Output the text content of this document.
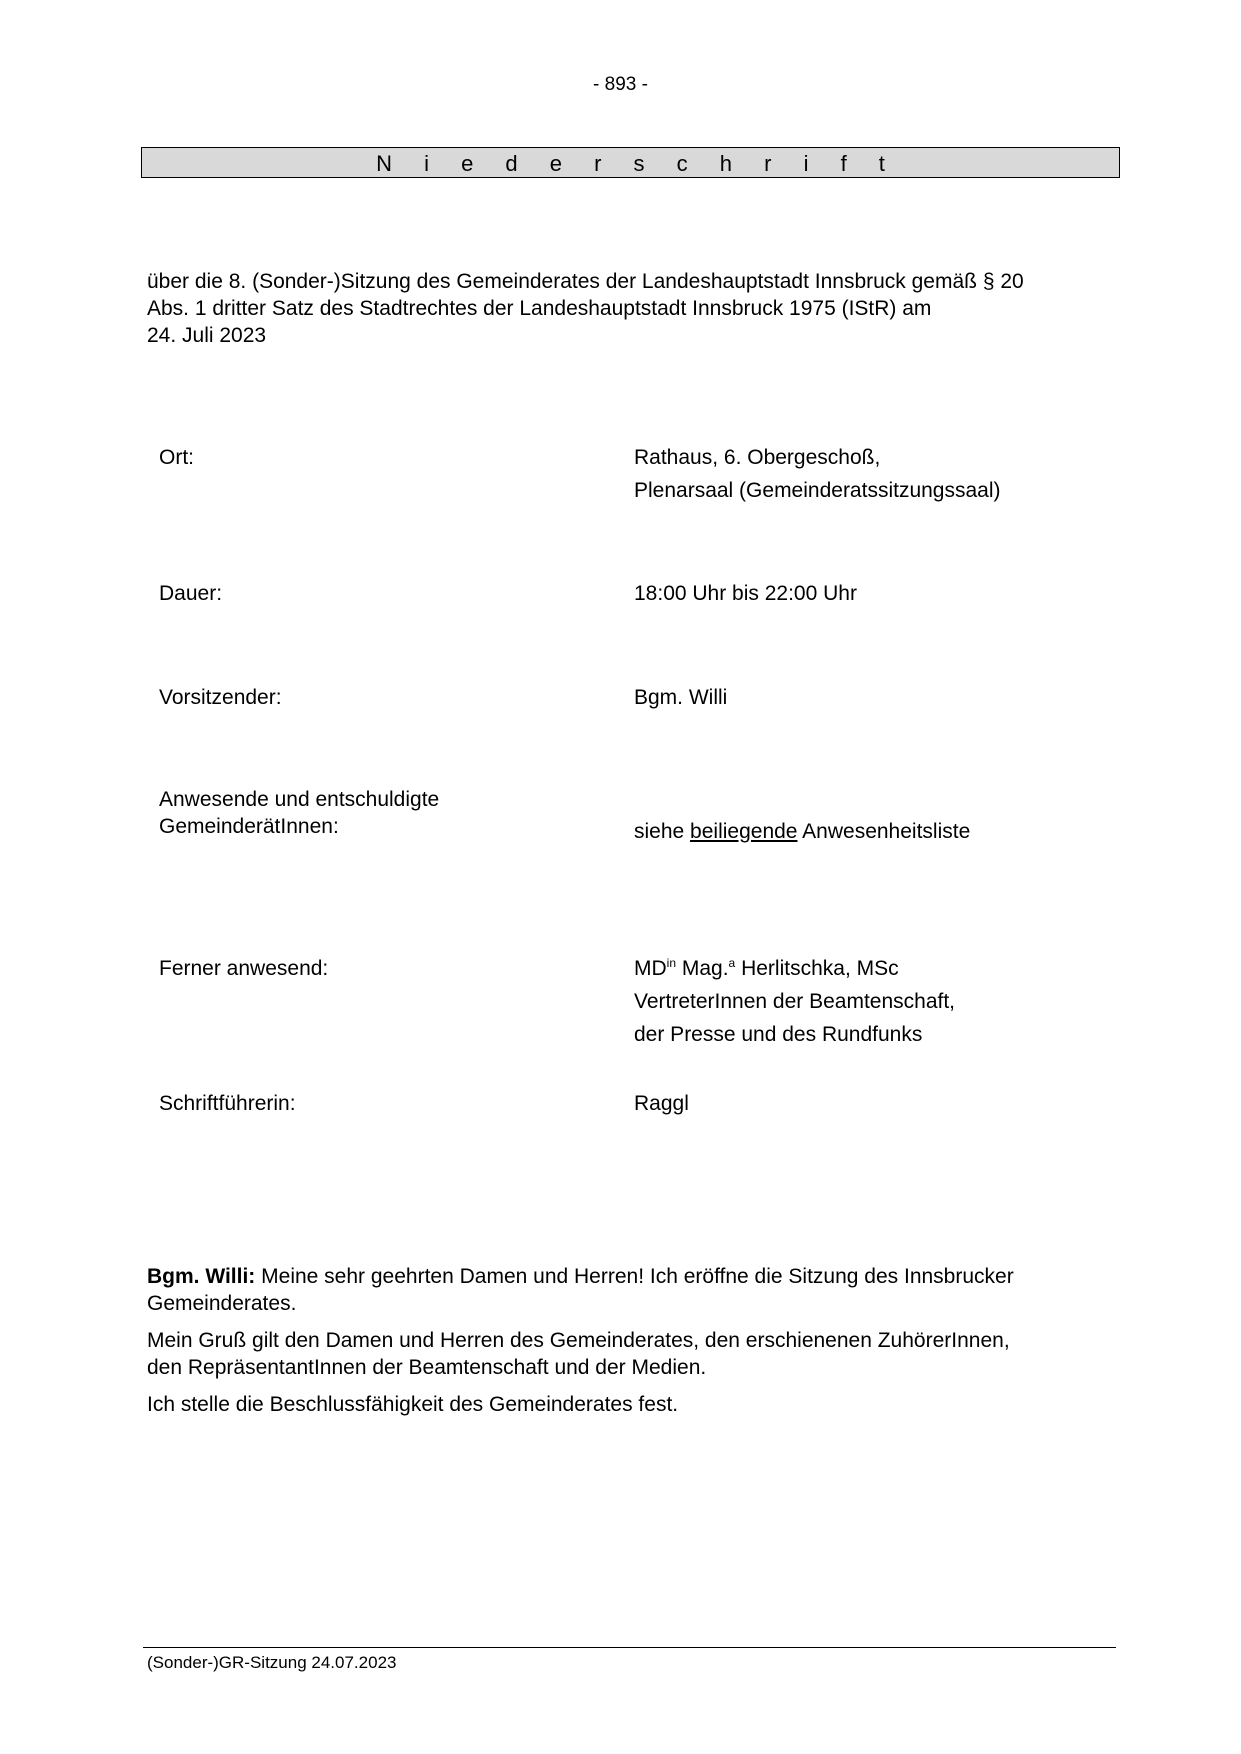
- 893 -
N i e d e r s c h r i f t
über die 8. (Sonder-)Sitzung des Gemeinderates der Landeshauptstadt Innsbruck gemäß § 20
Abs. 1 dritter Satz des Stadtrechtes der Landeshauptstadt Innsbruck 1975 (IStR) am
24. Juli 2023
Ort:	Rathaus, 6. Obergeschoß,
Plenarsaal (Gemeinderatssitzungssaal)
Dauer:	18:00 Uhr bis 22:00 Uhr
Vorsitzender:	Bgm. Willi
Anwesende und entschuldigte
GemeinderätInnen:	siehe beiliegende Anwesenheitsliste
Ferner anwesend:	$MD^{in}$ Mag.$^a$ Herlitschka, MSc
VertreterInnen der Beamtenschaft,
der Presse und des Rundfunks
Schriftführerin:	Raggl

Bgm. Willi: Meine sehr geehrten Damen und Herren! Ich eröffne die Sitzung des Innsbrucker
Gemeinderates.

Mein Gruß gilt den Damen und Herren des Gemeinderates, den erschienenen ZuhörerInnen,
den RepräsentantInnen der Beamtenschaft und der Medien.

Ich stelle die Beschlussfähigkeit des Gemeinderates fest.

(Sonder-)GR-Sitzung 24.07.2023
